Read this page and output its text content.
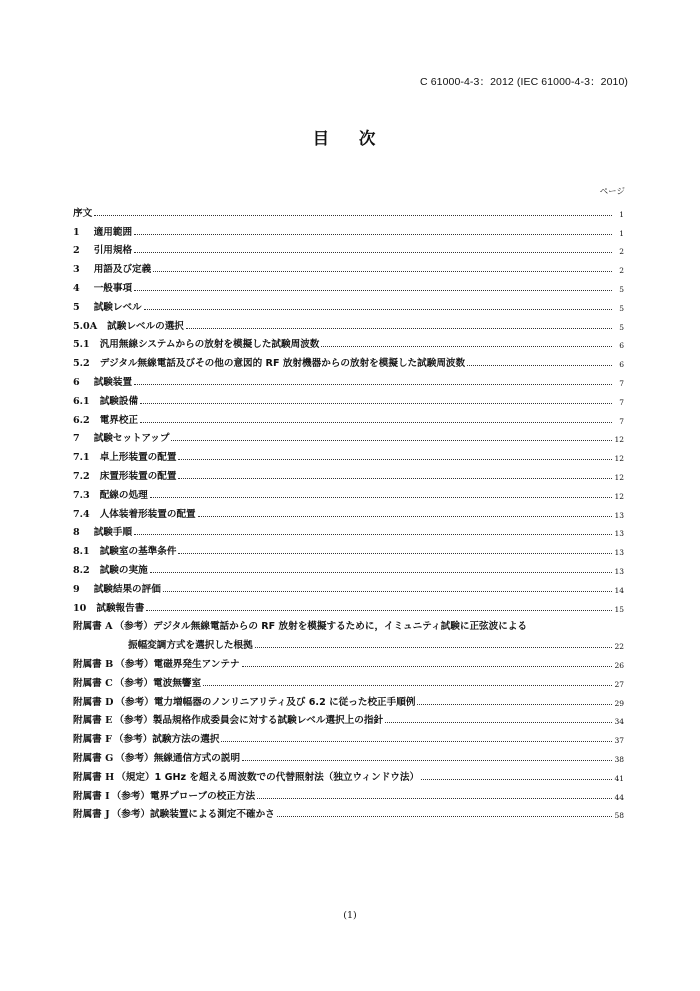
C 61000-4-3：2012 (IEC 61000-4-3：2010)
目 次
ページ
序文	1
1 適用範囲	1
2 引用規格	2
3 用語及び定義	2
4 一般事項	5
5 試験レベル	5
5.0A 試験レベルの選択	5
5.1 汎用無線システムからの放射を模擬した試験周波数	6
5.2 デジタル無線電話及びその他の意図的 RF 放射機器からの放射を模擬した試験周波数	6
6 試験装置	7
6.1 試験設備	7
6.2 電界校正	7
7 試験セットアップ	12
7.1 卓上形装置の配置	12
7.2 床置形装置の配置	12
7.3 配線の処理	12
7.4 人体装着形装置の配置	13
8 試験手順	13
8.1 試験室の基準条件	13
8.2 試験の実施	13
9 試験結果の評価	14
10 試験報告書	15
附属書 A （参考）デジタル無線電話からの RF 放射を模擬するために，イミュニティ試験に正弦波による
振幅変調方式を選択した根拠	22
附属書 B （参考）電磁界発生アンテナ	26
附属書 C （参考）電波無響室	27
附属書 D （参考）電力増幅器のノンリニアリティ及び 6.2 に従った校正手順例	29
附属書 E （参考）製品規格作成委員会に対する試験レベル選択上の指針	34
附属書 F （参考）試験方法の選択	37
附属書 G （参考）無線通信方式の説明	38
附属書 H （規定）1 GHz を超える周波数での代替照射法（独立ウィンドウ法）	41
附属書 I （参考）電界プローブの校正方法	44
附属書 J （参考）試験装置による測定不確かさ	58
(1)
